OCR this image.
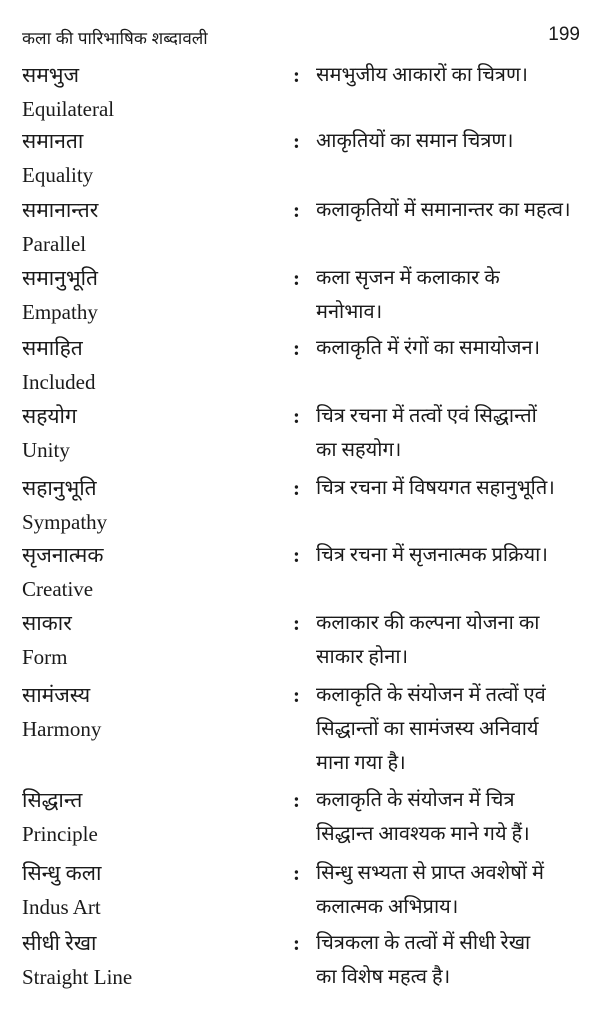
कला की पारिभाषिक शब्दावली	199
समभुज
Equilateral
: समभुजीय आकारों का चित्रण।
समानता
Equality
: आकृतियों का समान चित्रण।
समानान्तर
Parallel
: कलाकृतियों में समानान्तर का महत्व।
समानुभूति
Empathy
: कला सृजन में कलाकार के
मनोभाव।
समाहित
Included
: कलाकृति में रंगों का समायोजन।
सहयोग
Unity
: चित्र रचना में तत्वों एवं सिद्धान्तों
का सहयोग।
सहानुभूति
Sympathy
: चित्र रचना में विषयगत सहानुभूति।
सृजनात्मक
Creative
: चित्र रचना में सृजनात्मक प्रक्रिया।
साकार
Form
: कलाकार की कल्पना योजना का
साकार होना।
सामंजस्य
Harmony
: कलाकृति के संयोजन में तत्वों एवं
सिद्धान्तों का सामंजस्य अनिवार्य
माना गया है।
सिद्धान्त
Principle
: कलाकृति के संयोजन में चित्र
सिद्धान्त आवश्यक माने गये हैं।
सिन्धु कला
Indus Art
: सिन्धु सभ्यता से प्राप्त अवशेषों में
कलात्मक अभिप्राय।
सीधी रेखा
Straight Line
: चित्रकला के तत्वों में सीधी रेखा
का विशेष महत्व है।
